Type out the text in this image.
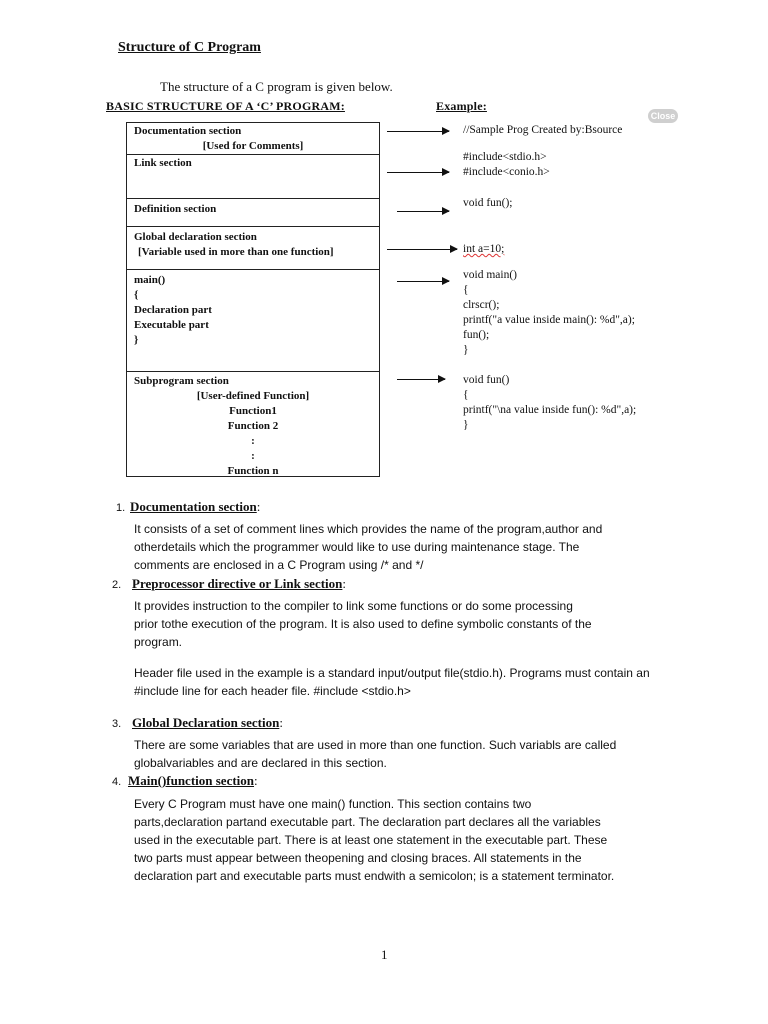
Structure of C Program
The structure of a C program is given below.
BASIC STRUCTURE OF A ‘C’ PROGRAM:	Example:
Close
Documentation section
[Used for Comments]
Link section
Definition section
Global declaration section
[Variable used in more than one function]
main()
{
Declaration part
Executable part
}
Subprogram section
[User-defined Function]
Function1
Function 2
:
:
Function n
//Sample Prog Created by:Bsource
#include<stdio.h>
#include<conio.h>
void fun();
int a=10;
void main()
{
clrscr();
printf("a value inside main(): %d",a);
fun();
}
void fun()
{
printf("\na value inside fun(): %d",a);
}
1. Documentation section:
It consists of a set of comment lines which provides the name of the program,author and
otherdetails which the programmer would like to use during maintenance stage. The
comments are enclosed in a C Program using /* and */
2. Preprocessor directive or Link section:
It provides instruction to the compiler to link some functions or do some processing
prior tothe execution of the program. It is also used to define symbolic constants of the
program.
Header file used in the example is a standard input/output file(stdio.h). Programs must contain an
#include line for each header file. #include <stdio.h>
3. Global Declaration section:
There are some variables that are used in more than one function. Such variabls are called
globalvariables and are declared in this section.
4. Main()function section:
Every C Program must have one main() function. This section contains two
parts,declaration partand executable part. The declaration part declares all the variables
used in the executable part. There is at least one statement in the executable part. These
two parts must appear between theopening and closing braces. All statements in the
declaration part and executable parts must endwith a semicolon; is a statement terminator.
1
